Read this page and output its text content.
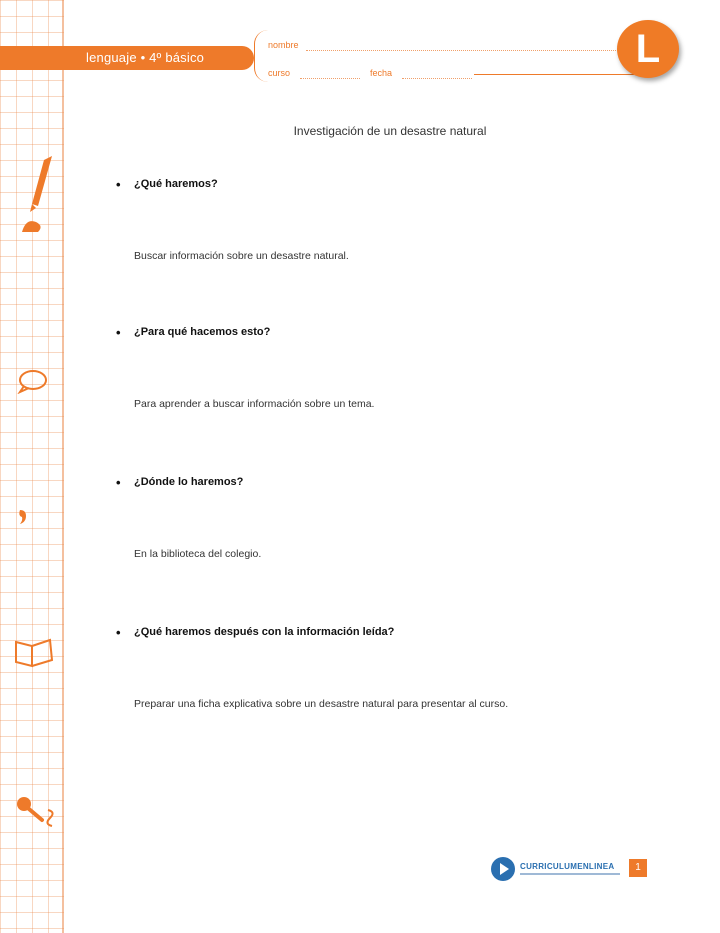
lenguaje • 4º básico
nombre
curso	fecha
L
Investigación de un desastre natural
• ¿Qué haremos?
Buscar información sobre un desastre natural.
• ¿Para qué hacemos esto?
Para aprender a buscar información sobre un tema.
• ¿Dónde lo haremos?
En la biblioteca del colegio.
• ¿Qué haremos después con la información leída?
Preparar una ficha explicativa sobre un desastre natural para presentar al curso.
CURRICULUMENLINEA	1
